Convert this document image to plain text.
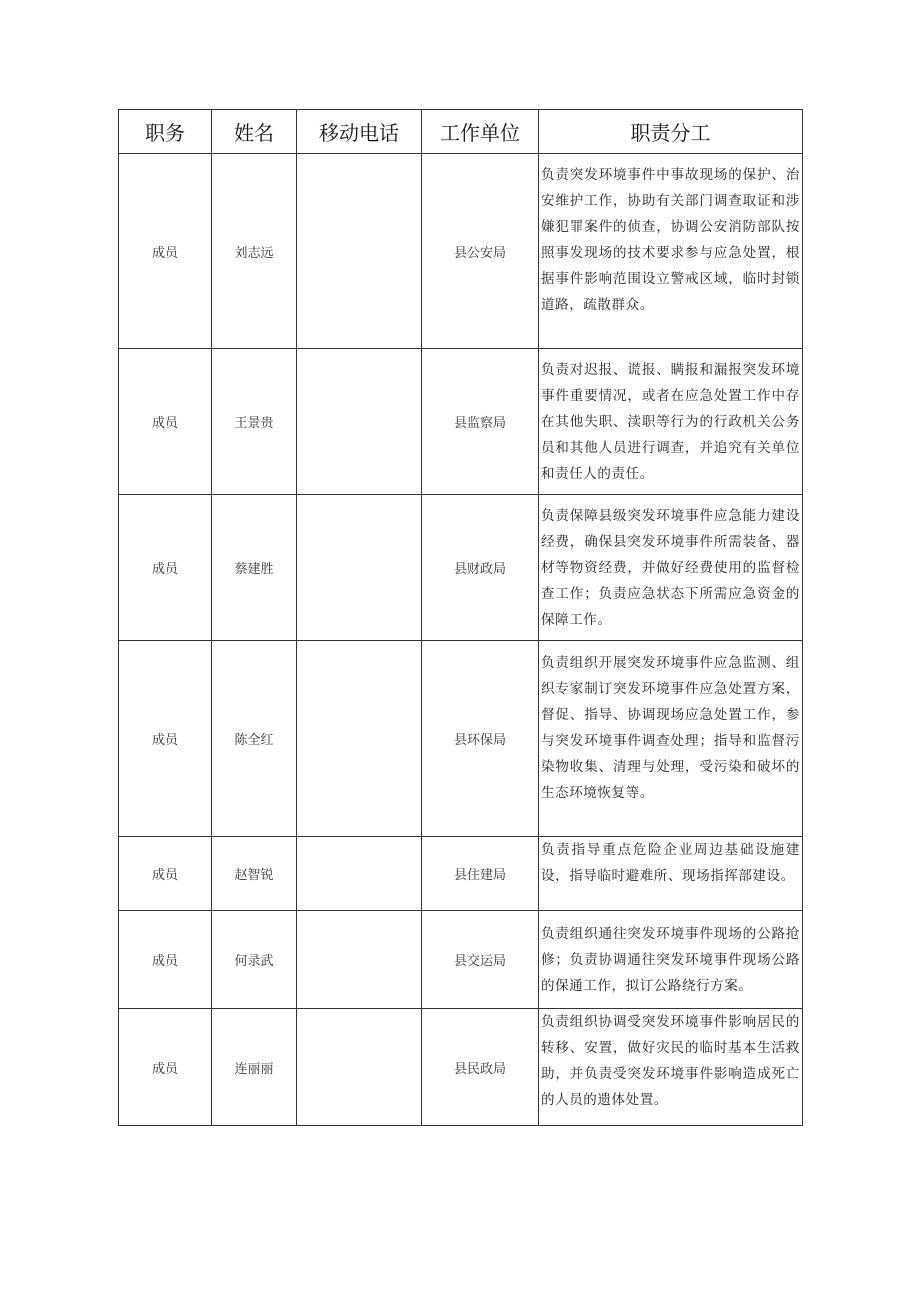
职务	姓名	移动电话	工作单位	职责分工
成员	刘志远		县公安局	负责突发环境事件中事故现场的保护、治安维护工作，协助有关部门调查取证和涉嫌犯罪案件的侦查，协调公安消防部队按照事发现场的技术要求参与应急处置，根据事件影响范围设立警戒区域，临时封锁道路，疏散群众。
成员	王景贵		县监察局	负责对迟报、谎报、瞒报和漏报突发环境事件重要情况，或者在应急处置工作中存在其他失职、渎职等行为的行政机关公务员和其他人员进行调查，并追究有关单位和责任人的责任。
成员	蔡建胜		县财政局	负责保障县级突发环境事件应急能力建设经费，确保县突发环境事件所需装备、器材等物资经费，并做好经费使用的监督检查工作；负责应急状态下所需应急资金的保障工作。
成员	陈全红		县环保局	负责组织开展突发环境事件应急监测、组织专家制订突发环境事件应急处置方案，督促、指导、协调现场应急处置工作，参与突发环境事件调查处理；指导和监督污染物收集、清理与处理，受污染和破坏的生态环境恢复等。
成员	赵智锐		县住建局	负责指导重点危险企业周边基础设施建设，指导临时避难所、现场指挥部建设。
成员	何录武		县交运局	负责组织通往突发环境事件现场的公路抢修；负责协调通往突发环境事件现场公路的保通工作，拟订公路绕行方案。
成员	连丽丽		县民政局	负责组织协调受突发环境事件影响居民的转移、安置，做好灾民的临时基本生活救助，并负责受突发环境事件影响造成死亡的人员的遗体处置。
